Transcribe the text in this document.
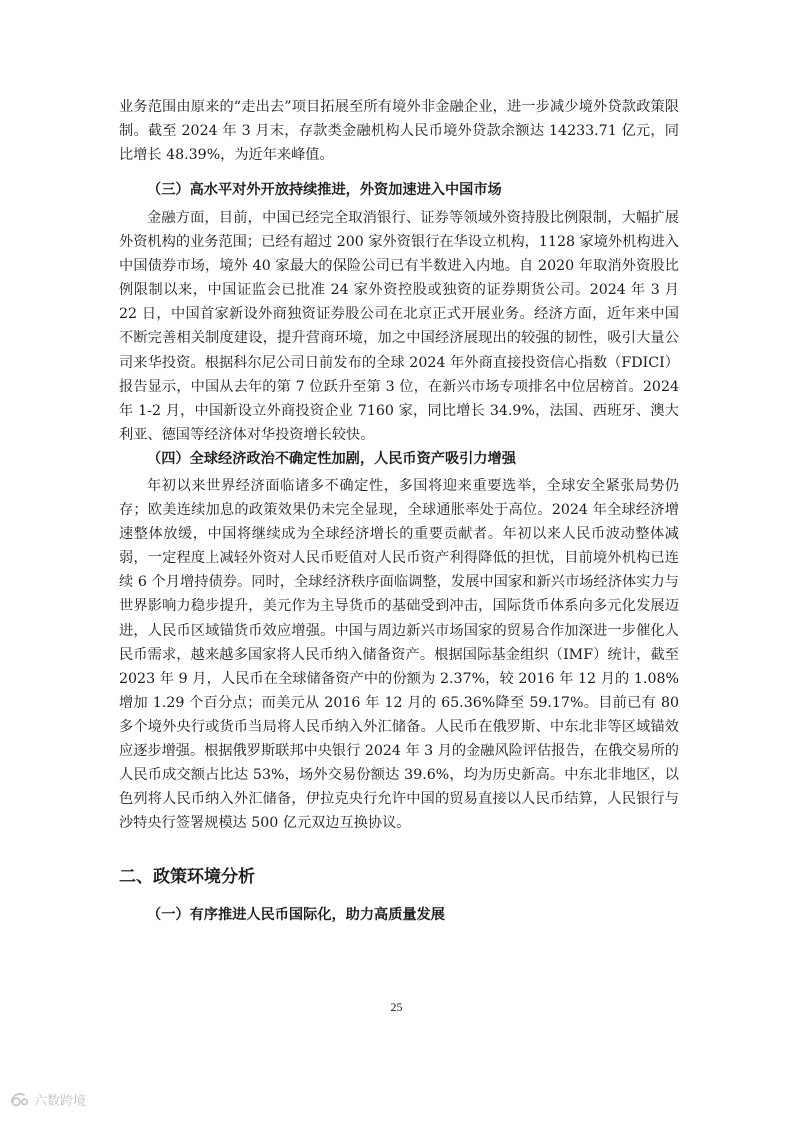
业务范围由原来的“走出去”项目拓展至所有境外非金融企业，进一步减少境外贷款政策限制。截至 2024 年 3 月末，存款类金融机构人民币境外贷款余额达 14233.71 亿元，同比增长 48.39%，为近年来峰值。

（三）高水平对外开放持续推进，外资加速进入中国市场

金融方面，目前，中国已经完全取消银行、证券等领域外资持股比例限制，大幅扩展外资机构的业务范围；已经有超过 200 家外资银行在华设立机构，1128 家境外机构进入中国债券市场，境外 40 家最大的保险公司已有半数进入内地。自 2020 年取消外资股比例限制以来，中国证监会已批准 24 家外资控股或独资的证券期货公司。2024 年 3 月 22 日，中国首家新设外商独资证券股公司在北京正式开展业务。经济方面，近年来中国不断完善相关制度建设，提升营商环境，加之中国经济展现出的较强的韧性，吸引大量公司来华投资。根据科尔尼公司日前发布的全球 2024 年外商直接投资信心指数（FDICI）报告显示，中国从去年的第 7 位跃升至第 3 位，在新兴市场专项排名中位居榜首。2024 年 1-2 月，中国新设立外商投资企业 7160 家，同比增长 34.9%，法国、西班牙、澳大利亚、德国等经济体对华投资增长较快。

（四）全球经济政治不确定性加剧，人民币资产吸引力增强

年初以来世界经济面临诸多不确定性，多国将迎来重要选举，全球安全紧张局势仍存；欧美连续加息的政策效果仍未完全显现，全球通胀率处于高位。2024 年全球经济增速整体放缓，中国将继续成为全球经济增长的重要贡献者。年初以来人民币波动整体减弱，一定程度上减轻外资对人民币贬值对人民币资产利得降低的担忧，目前境外机构已连续 6 个月增持债券。同时，全球经济秩序面临调整，发展中国家和新兴市场经济体实力与世界影响力稳步提升，美元作为主导货币的基础受到冲击，国际货币体系向多元化发展迈进，人民币区域锚货币效应增强。中国与周边新兴市场国家的贸易合作加深进一步催化人民币需求，越来越多国家将人民币纳入储备资产。根据国际基金组织（IMF）统计，截至 2023 年 9 月，人民币在全球储备资产中的份额为 2.37%，较 2016 年 12 月的 1.08%增加 1.29 个百分点；而美元从 2016 年 12 月的 65.36%降至 59.17%。目前已有 80 多个境外央行或货币当局将人民币纳入外汇储备。人民币在俄罗斯、中东北非等区域锚效应逐步增强。根据俄罗斯联邦中央银行 2024 年 3 月的金融风险评估报告，在俄交易所的人民币成交额占比达 53%，场外交易份额达 39.6%，均为历史新高。中东北非地区，以色列将人民币纳入外汇储备，伊拉克央行允许中国的贸易直接以人民币结算，人民银行与沙特央行签署规模达 500 亿元双边互换协议。

二、政策环境分析
（一）有序推进人民币国际化，助力高质量发展
25
六数跨境
